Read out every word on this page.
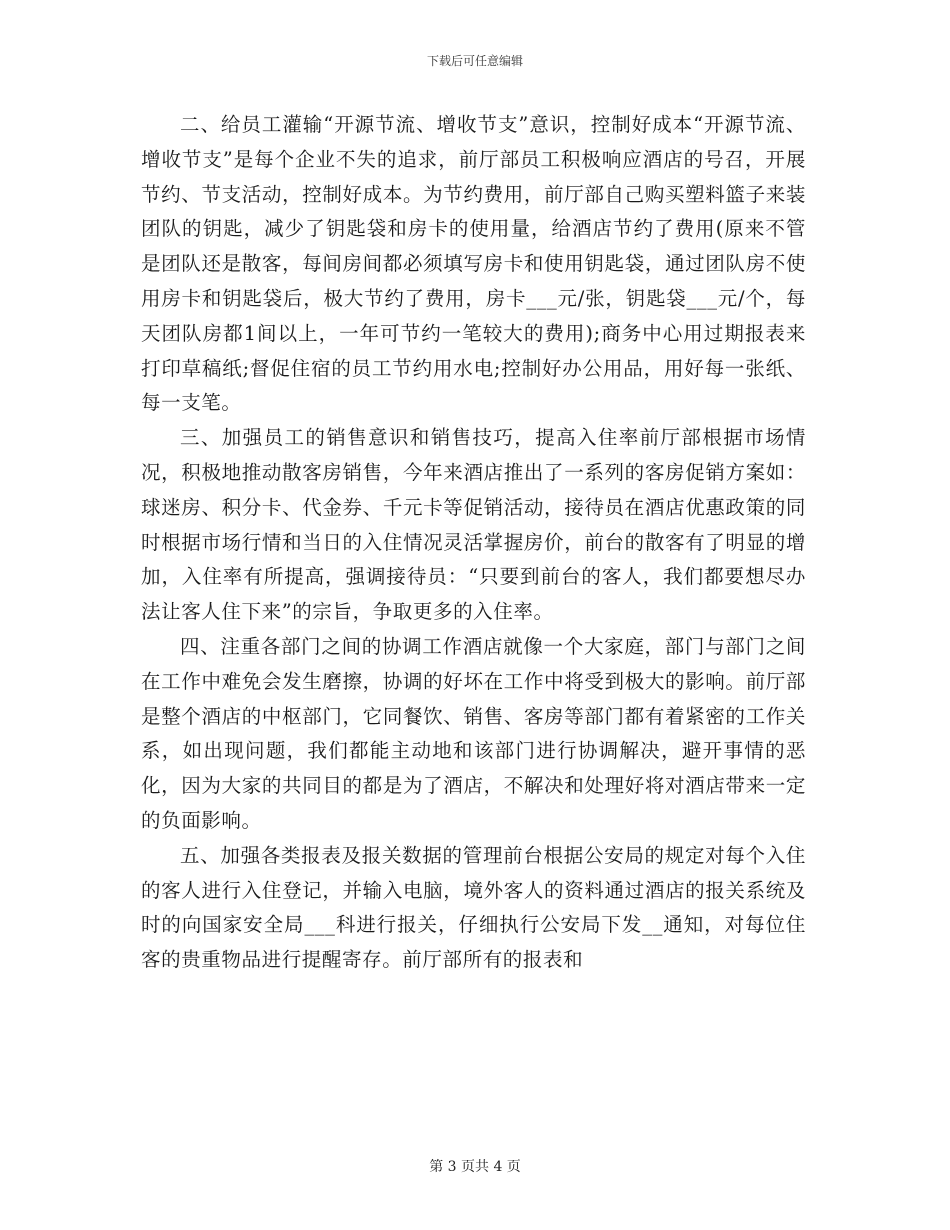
下载后可任意编辑

二、给员工灌输“开源节流、增收节支”意识，控制好成本“开源节流、增收节支”是每个企业不失的追求，前厅部员工积极响应酒店的号召，开展节约、节支活动，控制好成本。为节约费用，前厅部自己购买塑料篮子来装团队的钥匙，减少了钥匙袋和房卡的使用量，给酒店节约了费用(原来不管是团队还是散客，每间房间都必须填写房卡和使用钥匙袋，通过团队房不使用房卡和钥匙袋后，极大节约了费用，房卡___元/张，钥匙袋___元/个，每天团队房都1间以上，一年可节约一笔较大的费用);商务中心用过期报表来打印草稿纸;督促住宿的员工节约用水电;控制好办公用品，用好每一张纸、每一支笔。

三、加强员工的销售意识和销售技巧，提高入住率前厅部根据市场情况，积极地推动散客房销售，今年来酒店推出了一系列的客房促销方案如：球迷房、积分卡、代金券、千元卡等促销活动，接待员在酒店优惠政策的同时根据市场行情和当日的入住情况灵活掌握房价，前台的散客有了明显的增加，入住率有所提高，强调接待员：“只要到前台的客人，我们都要想尽办法让客人住下来”的宗旨，争取更多的入住率。

四、注重各部门之间的协调工作酒店就像一个大家庭，部门与部门之间在工作中难免会发生磨擦，协调的好坏在工作中将受到极大的影响。前厅部是整个酒店的中枢部门，它同餐饮、销售、客房等部门都有着紧密的工作关系，如出现问题，我们都能主动地和该部门进行协调解决，避开事情的恶化，因为大家的共同目的都是为了酒店，不解决和处理好将对酒店带来一定的负面影响。

五、加强各类报表及报关数据的管理前台根据公安局的规定对每个入住的客人进行入住登记，并输入电脑，境外客人的资料通过酒店的报关系统及时的向国家安全局___科进行报关，仔细执行公安局下发__通知，对每位住客的贵重物品进行提醒寄存。前厅部所有的报表和

第 3 页共 4 页
